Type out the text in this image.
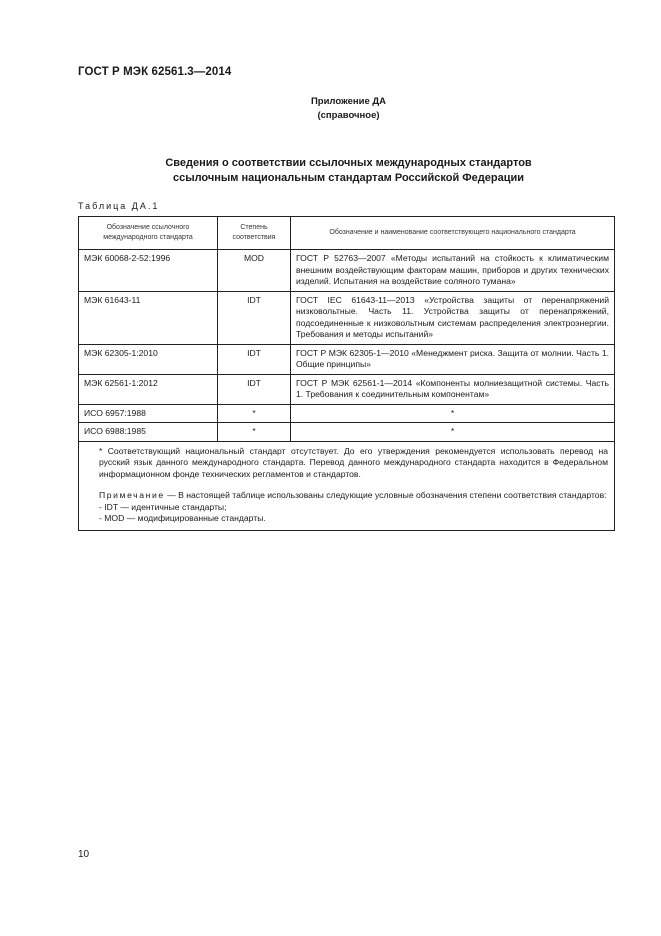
ГОСТ Р МЭК 62561.3—2014
Приложение ДА
(справочное)
Сведения о соответствии ссылочных международных стандартов
ссылочным национальным стандартам Российской Федерации
Таблица ДА.1
Обозначение ссылочного международного стандарта	Степень соответствия	Обозначение и наименование соответствующего национального стандарта
МЭК 60068-2-52:1996	MOD	ГОСТ Р 52763—2007 «Методы испытаний на стойкость к климатическим внешним воздействующим факторам машин, приборов и других технических изделий. Испытания на воздействие соляного тумана»
МЭК 61643-11	IDT	ГОСТ IEC 61643-11—2013 «Устройства защиты от перенапряжений низковольтные. Часть 11. Устройства защиты от перенапряжений, подсоединенные к низковольтным системам распределения электроэнергии. Требования и методы испытаний»
МЭК 62305-1:2010	IDT	ГОСТ Р МЭК 62305-1—2010 «Менеджмент риска. Защита от молнии. Часть 1. Общие принципы»
МЭК 62561-1:2012	IDT	ГОСТ Р МЭК 62561-1—2014 «Компоненты молниезащитной системы. Часть 1. Требования к соединительным компонентам»
ИСО 6957:1988	*	*
ИСО 6988:1985	*	*

* Соответствующий национальный стандарт отсутствует. До его утверждения рекомендуется использовать перевод на русский язык данного международного стандарта. Перевод данного международного стандарта находится в Федеральном информационном фонде технических регламентов и стандартов.

Примечание — В настоящей таблице использованы следующие условные обозначения степени соответствия стандартов:

- IDT — идентичные стандарты;

- MOD — модифицированные стандарты.		

10
